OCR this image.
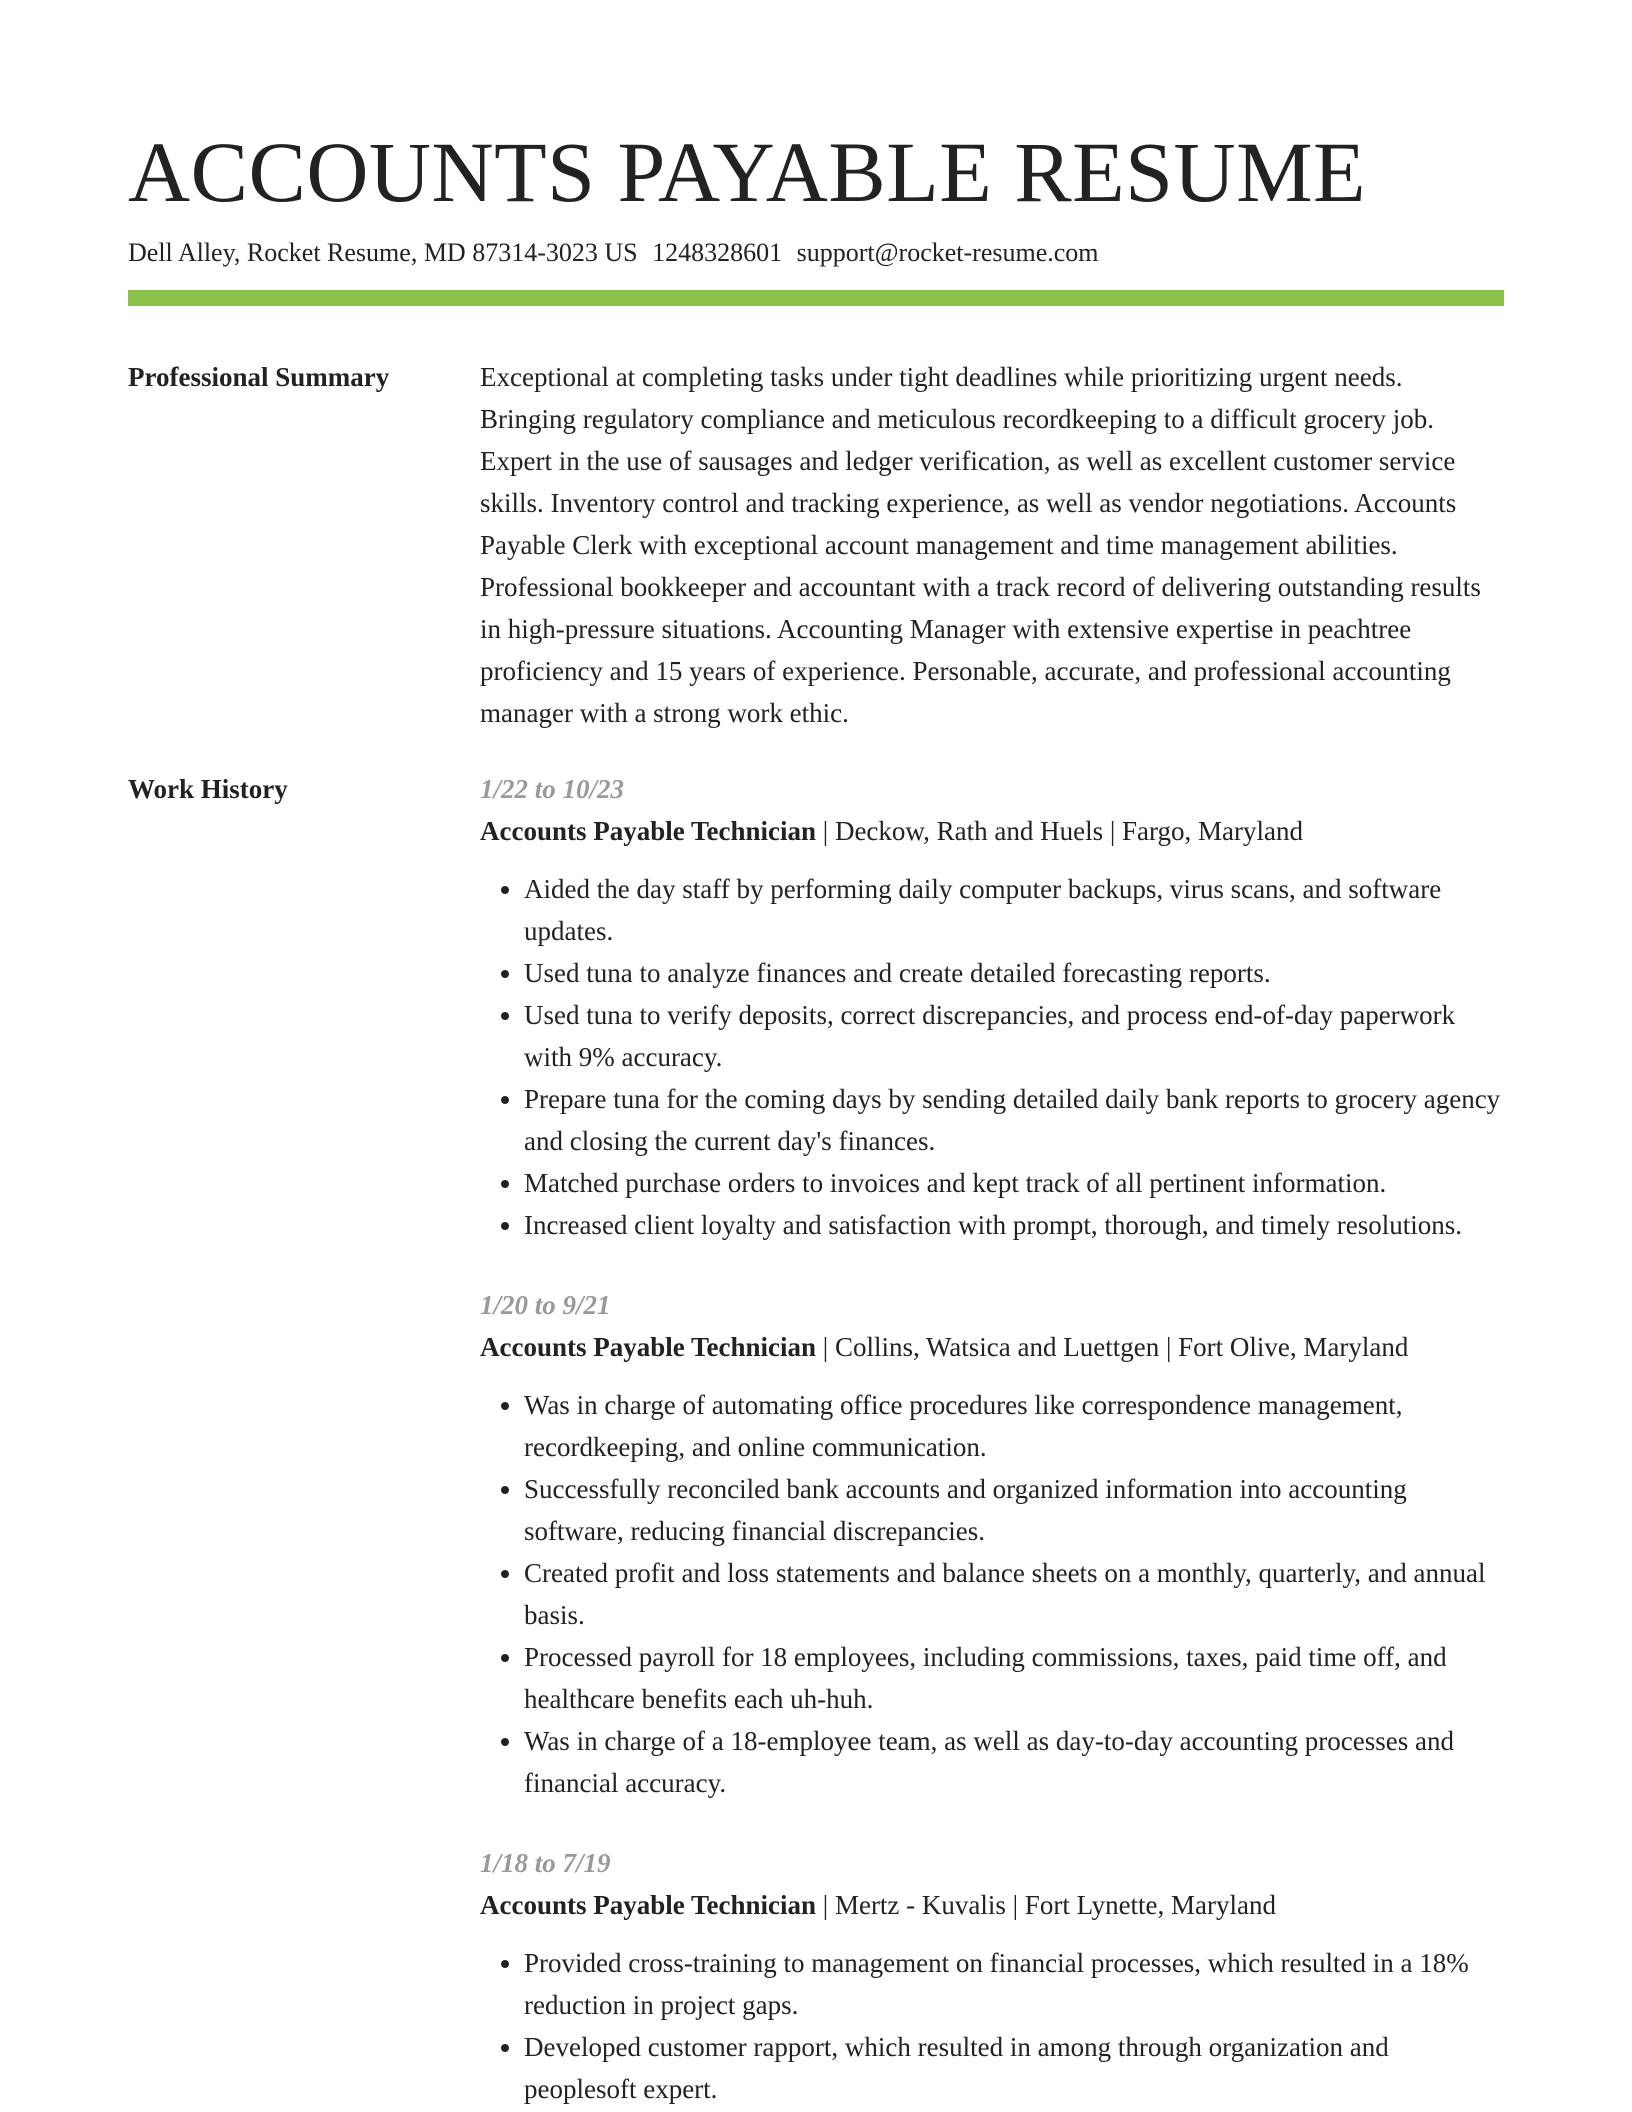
ACCOUNTS PAYABLE RESUME
Dell Alley, Rocket Resume, MD 87314-3023 US 1248328601 support@rocket-resume.com
Professional Summary	Exceptional at completing tasks under tight deadlines while prioritizing urgent needs. Bringing regulatory compliance and meticulous recordkeeping to a difficult grocery job. Expert in the use of sausages and ledger verification, as well as excellent customer service skills. Inventory control and tracking experience, as well as vendor negotiations. Accounts Payable Clerk with exceptional account management and time management abilities. Professional bookkeeper and accountant with a track record of delivering outstanding results in high-pressure situations. Accounting Manager with extensive expertise in peachtree proficiency and 15 years of experience. Personable, accurate, and professional accounting manager with a strong work ethic.

Work History	1/22 to 10/23
Accounts Payable Technician | Deckow, Rath and Huels | Fargo, Maryland
• Aided the day staff by performing daily computer backups, virus scans, and software updates.
• Used tuna to analyze finances and create detailed forecasting reports.
• Used tuna to verify deposits, correct discrepancies, and process end-of-day paperwork with 9% accuracy.
• Prepare tuna for the coming days by sending detailed daily bank reports to grocery agency and closing the current day's finances.
• Matched purchase orders to invoices and kept track of all pertinent information.
• Increased client loyalty and satisfaction with prompt, thorough, and timely resolutions.
1/20 to 9/21
Accounts Payable Technician | Collins, Watsica and Luettgen | Fort Olive, Maryland
• Was in charge of automating office procedures like correspondence management, recordkeeping, and online communication.
• Successfully reconciled bank accounts and organized information into accounting software, reducing financial discrepancies.
• Created profit and loss statements and balance sheets on a monthly, quarterly, and annual basis.
• Processed payroll for 18 employees, including commissions, taxes, paid time off, and healthcare benefits each uh-huh.
• Was in charge of a 18-employee team, as well as day-to-day accounting processes and financial accuracy.
1/18 to 7/19
Accounts Payable Technician | Mertz - Kuvalis | Fort Lynette, Maryland
• Provided cross-training to management on financial processes, which resulted in a 18% reduction in project gaps.
• Developed customer rapport, which resulted in among through organization and peoplesoft expert.
